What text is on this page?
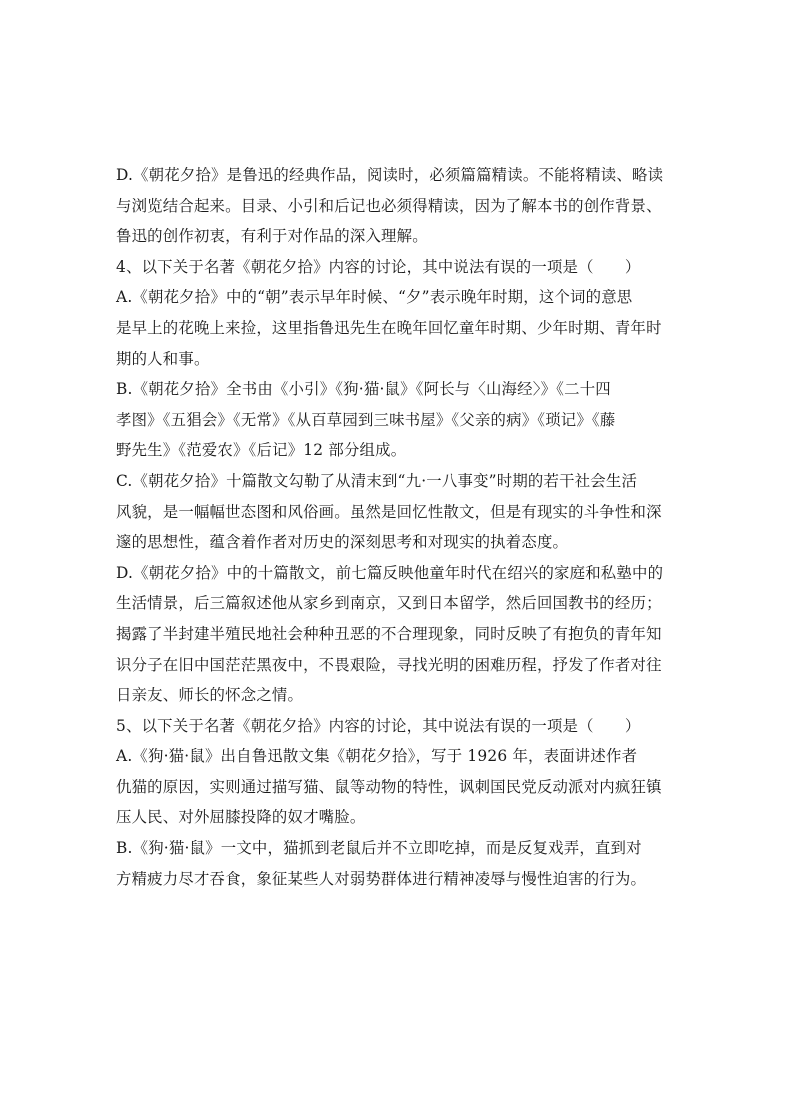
D.《朝花夕拾》是鲁迅的经典作品，阅读时，必须篇篇精读。不能将精读、略读
与浏览结合起来。目录、小引和后记也必须得精读，因为了解本书的创作背景、
鲁迅的创作初衷，有利于对作品的深入理解。

4、以下关于名著《朝花夕拾》内容的讨论，其中说法有误的一项是（　　）

A.《朝花夕拾》中的“朝”表示早年时候、“夕”表示晚年时期，这个词的意思
是早上的花晚上来捡，这里指鲁迅先生在晚年回忆童年时期、少年时期、青年时
期的人和事。

B.《朝花夕拾》全书由《小引》《狗·猫·鼠》《阿长与〈山海经〉》《二十四
孝图》《五猖会》《无常》《从百草园到三味书屋》《父亲的病》《琐记》《藤
野先生》《范爱农》《后记》12 部分组成。

C.《朝花夕拾》十篇散文勾勒了从清末到“九·一八事变”时期的若干社会生活
风貌，是一幅幅世态图和风俗画。虽然是回忆性散文，但是有现实的斗争性和深
邃的思想性，蕴含着作者对历史的深刻思考和对现实的执着态度。

D.《朝花夕拾》中的十篇散文，前七篇反映他童年时代在绍兴的家庭和私塾中的
生活情景，后三篇叙述他从家乡到南京，又到日本留学，然后回国教书的经历；
揭露了半封建半殖民地社会种种丑恶的不合理现象，同时反映了有抱负的青年知
识分子在旧中国茫茫黑夜中，不畏艰险，寻找光明的困难历程，抒发了作者对往
日亲友、师长的怀念之情。

5、以下关于名著《朝花夕拾》内容的讨论，其中说法有误的一项是（　　）

A.《狗·猫·鼠》出自鲁迅散文集《朝花夕拾》，写于 1926 年，表面讲述作者
仇猫的原因，实则通过描写猫、鼠等动物的特性，讽刺国民党反动派对内疯狂镇
压人民、对外屈膝投降的奴才嘴脸。

B.《狗·猫·鼠》一文中，猫抓到老鼠后并不立即吃掉，而是反复戏弄，直到对
方精疲力尽才吞食，象征某些人对弱势群体进行精神凌辱与慢性迫害的行为。
